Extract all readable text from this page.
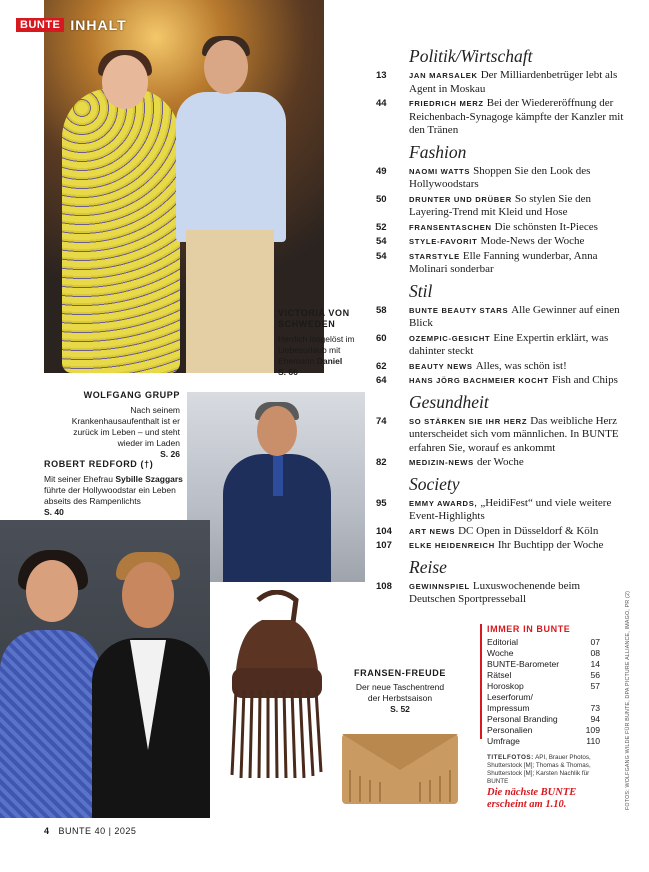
BUNTE INHALT
VICTORIA VON SCHWEDEN
Herrlich losgelöst im Liebesurlaub mit Ehemann Daniel
S. 66
WOLFGANG GRUPP
Nach seinem Krankenhausaufenthalt ist er zurück im Leben – und steht wieder im Laden
S. 26
ROBERT REDFORD (†)
Mit seiner Ehefrau Sybille Szaggars führte der Hollywoodstar ein Leben abseits des Rampenlichts
S. 40
FRANSEN-FREUDE
Der neue Taschentrend der Herbstsaison
S. 52
Politik/Wirtschaft
13	JAN MARSALEK Der Milliardenbetrüger lebt als Agent in Moskau
44	FRIEDRICH MERZ Bei der Wiedereröffnung der Reichenbach-Synagoge kämpfte der Kanzler mit den Tränen
Fashion
49	NAOMI WATTS Shoppen Sie den Look des Hollywoodstars
50	DRUNTER UND DRÜBER So stylen Sie den Layering-Trend mit Kleid und Hose
52	FRANSENTASCHEN Die schönsten It-Pieces
54	STYLE-FAVORIT Mode-News der Woche
54	STARSTYLE Elle Fanning wunderbar, Anna Molinari sonderbar
Stil
58	BUNTE BEAUTY STARS Alle Gewinner auf einen Blick
60	OZEMPIC-GESICHT Eine Expertin erklärt, was dahinter steckt
62	BEAUTY NEWS Alles, was schön ist!
64	HANS JÖRG BACHMEIER KOCHT Fish and Chips
Gesundheit
74	SO STÄRKEN SIE IHR HERZ Das weibliche Herz unterscheidet sich vom männlichen. In BUNTE erfahren Sie, worauf es ankommt
82	MEDIZIN-NEWS der Woche
Society
95	EMMY AWARDS, „HeidiFest“ und viele weitere Event-Highlights
104	ART NEWS DC Open in Düsseldorf & Köln
107	ELKE HEIDENREICH Ihr Buchtipp der Woche
Reise
108	GEWINNSPIEL Luxuswochenende beim Deutschen Sportpresseball
IMMER IN BUNTE
Editorial	07
Woche	08
BUNTE-Barometer	14
Rätsel	56
Horoskop	57
Leserforum/
Impressum	73
Personal Branding	94
Personalien	109
Umfrage	110
TITELFOTOS: API, Brauer Photos, Shutterstock [M]; Thomas & Thomas, Shutterstock [M]; Karsten Nachlik für BUNTE
Die nächste BUNTE erscheint am 1.10.	FOTOS: WOLFGANG WILDE FÜR BUNTE, DPA PICTURE ALLIANCE, IMAGO, PR (2)
4 BUNTE 40 | 2025
